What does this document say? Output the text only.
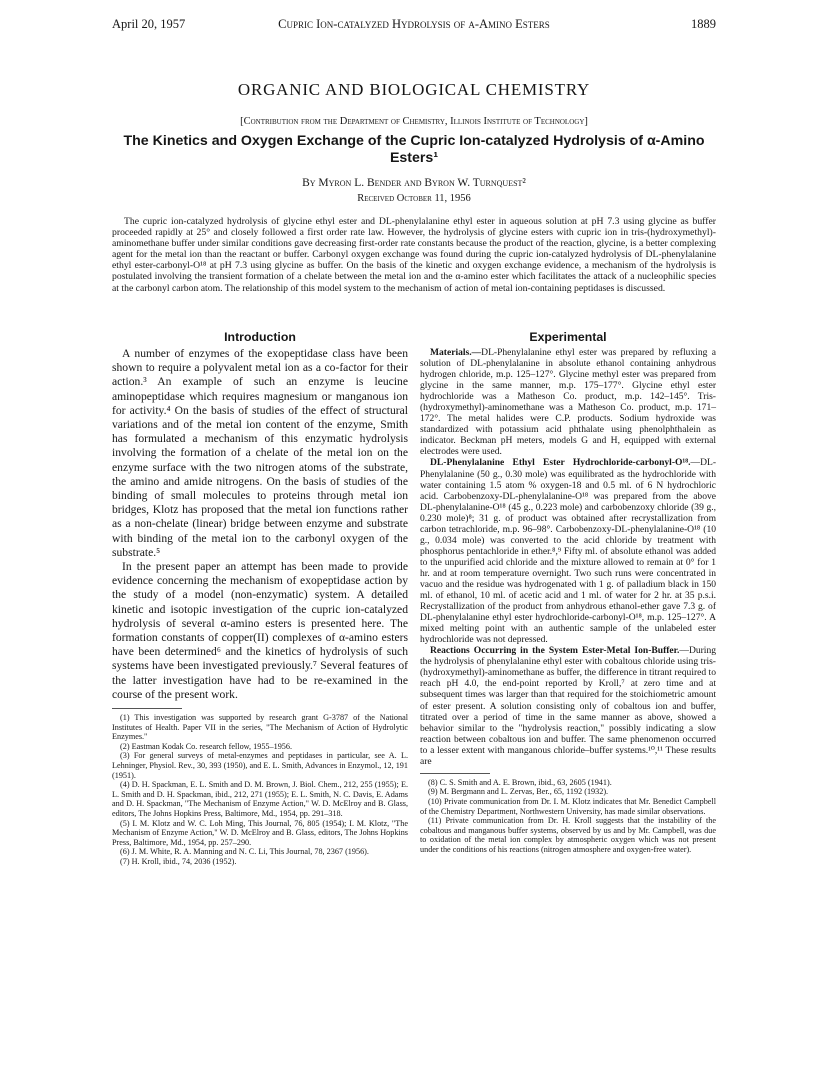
April 20, 1957	Cupric Ion-catalyzed Hydrolysis of α-Amino Esters	1889
ORGANIC AND BIOLOGICAL CHEMISTRY
[Contribution from the Department of Chemistry, Illinois Institute of Technology]
The Kinetics and Oxygen Exchange of the Cupric Ion-catalyzed Hydrolysis of α-Amino Esters¹
By Myron L. Bender and Byron W. Turnquest²
Received October 11, 1956
The cupric ion-catalyzed hydrolysis of glycine ethyl ester and DL-phenylalanine ethyl ester in aqueous solution at pH 7.3 using glycine as buffer proceeded rapidly at 25° and closely followed a first order rate law. However, the hydrolysis of glycine esters with cupric ion in tris-(hydroxymethyl)-aminomethane buffer under similar conditions gave decreasing first-order rate constants because the product of the reaction, glycine, is a better complexing agent for the metal ion than the reactant or buffer. Carbonyl oxygen exchange was found during the cupric ion-catalyzed hydrolysis of DL-phenylalanine ethyl ester-carbonyl-O¹⁸ at pH 7.3 using glycine as buffer. On the basis of the kinetic and oxygen exchange evidence, a mechanism of the hydrolysis is postulated involving the transient formation of a chelate between the metal ion and the α-amino ester which facilitates the attack of a nucleophilic species at the carbonyl carbon atom. The relationship of this model system to the mechanism of action of metal ion-containing peptidases is discussed.
Introduction

A number of enzymes of the exopeptidase class have been shown to require a polyvalent metal ion as a co-factor for their action.³ An example of such an enzyme is leucine aminopeptidase which requires magnesium or manganous ion for activity.⁴ On the basis of studies of the effect of structural variations and of the metal ion content of the enzyme, Smith has formulated a mechanism of this enzymatic hydrolysis involving the formation of a chelate of the metal ion on the enzyme surface with the two nitrogen atoms of the substrate, the amino and amide nitrogens. On the basis of studies of the binding of small molecules to proteins through metal ion bridges, Klotz has proposed that the metal ion functions rather as a non-chelate (linear) bridge between enzyme and substrate with binding of the metal ion to the carbonyl oxygen of the substrate.⁵

In the present paper an attempt has been made to provide evidence concerning the mechanism of exopeptidase action by the study of a model (non-enzymatic) system. A detailed kinetic and isotopic investigation of the cupric ion-catalyzed hydrolysis of several α-amino esters is presented here. The formation constants of copper(II) complexes of α-amino esters have been determined⁶ and the kinetics of hydrolysis of such systems have been investigated previously.⁷ Several features of the latter investigation have had to be re-examined in the course of the present work.

(1) This investigation was supported by research grant G-3787 of the National Institutes of Health. Paper VII in the series, "The Mechanism of Action of Hydrolytic Enzymes."

(2) Eastman Kodak Co. research fellow, 1955–1956.

(3) For general surveys of metal-enzymes and peptidases in particular, see A. L. Lehninger, Physiol. Rev., 30, 393 (1950), and E. L. Smith, Advances in Enzymol., 12, 191 (1951).

(4) D. H. Spackman, E. L. Smith and D. M. Brown, J. Biol. Chem., 212, 255 (1955); E. L. Smith and D. H. Spackman, ibid., 212, 271 (1955); E. L. Smith, N. C. Davis, E. Adams and D. H. Spackman, "The Mechanism of Enzyme Action," W. D. McElroy and B. Glass, editors, The Johns Hopkins Press, Baltimore, Md., 1954, pp. 291–318.

(5) I. M. Klotz and W. C. Loh Ming, This Journal, 76, 805 (1954); I. M. Klotz, "The Mechanism of Enzyme Action," W. D. McElroy and B. Glass, editors, The Johns Hopkins Press, Baltimore, Md., 1954, pp. 257–290.

(6) J. M. White, R. A. Manning and N. C. Li, This Journal, 78, 2367 (1956).

(7) H. Kroll, ibid., 74, 2036 (1952).

Experimental

Materials.—DL-Phenylalanine ethyl ester was prepared by refluxing a solution of DL-phenylalanine in absolute ethanol containing anhydrous hydrogen chloride, m.p. 125–127°. Glycine methyl ester was prepared from glycine in the same manner, m.p. 175–177°. Glycine ethyl ester hydrochloride was a Matheson Co. product, m.p. 142–145°. Tris-(hydroxymethyl)-aminomethane was a Matheson Co. product, m.p. 171–172°. The metal halides were C.P. products. Sodium hydroxide was standardized with potassium acid phthalate using phenolphthalein as indicator. Beckman pH meters, models G and H, equipped with external electrodes were used.

DL-Phenylalanine Ethyl Ester Hydrochloride-carbonyl-O¹⁸.—DL-Phenylalanine (50 g., 0.30 mole) was equilibrated as the hydrochloride with water containing 1.5 atom % oxygen-18 and 0.5 ml. of 6 N hydrochloric acid. Carbobenzoxy-DL-phenylalanine-O¹⁸ was prepared from the above DL-phenylalanine-O¹⁸ (45 g., 0.223 mole) and carbobenzoxy chloride (39 g., 0.230 mole)⁸; 31 g. of product was obtained after recrystallization from carbon tetrachloride, m.p. 96–98°. Carbobenzoxy-DL-phenylalanine-O¹⁸ (10 g., 0.034 mole) was converted to the acid chloride by treatment with phosphorus pentachloride in ether.⁸,⁹ Fifty ml. of absolute ethanol was added to the unpurified acid chloride and the mixture allowed to remain at 0° for 1 hr. and at room temperature overnight. Two such runs were concentrated in vacuo and the residue was hydrogenated with 1 g. of palladium black in 150 ml. of ethanol, 10 ml. of acetic acid and 1 ml. of water for 2 hr. at 35 p.s.i. Recrystallization of the product from anhydrous ethanol-ether gave 7.3 g. of DL-phenylalanine ethyl ester hydrochloride-carbonyl-O¹⁸, m.p. 125–127°. A mixed melting point with an authentic sample of the unlabeled ester hydrochloride was not depressed.

Reactions Occurring in the System Ester-Metal Ion-Buffer.—During the hydrolysis of phenylalanine ethyl ester with cobaltous chloride using tris-(hydroxymethyl)-aminomethane as buffer, the difference in titrant required to reach pH 4.0, the end-point reported by Kroll,⁷ at zero time and at subsequent times was larger than that required for the stoichiometric amount of ester present. A solution consisting only of cobaltous ion and buffer, titrated over a period of time in the same manner as above, showed a behavior similar to the "hydrolysis reaction," possibly indicating a slow reaction between cobaltous ion and buffer. The same phenomenon occurred to a lesser extent with manganous chloride–buffer systems.¹⁰,¹¹ These results are

(8) C. S. Smith and A. E. Brown, ibid., 63, 2605 (1941).

(9) M. Bergmann and L. Zervas, Ber., 65, 1192 (1932).

(10) Private communication from Dr. I. M. Klotz indicates that Mr. Benedict Campbell of the Chemistry Department, Northwestern University, has made similar observations.

(11) Private communication from Dr. H. Kroll suggests that the instability of the cobaltous and manganous buffer systems, observed by us and by Mr. Campbell, was due to oxidation of the metal ion complex by atmospheric oxygen which was not present under the conditions of his reactions (nitrogen atmosphere and oxygen-free water).
